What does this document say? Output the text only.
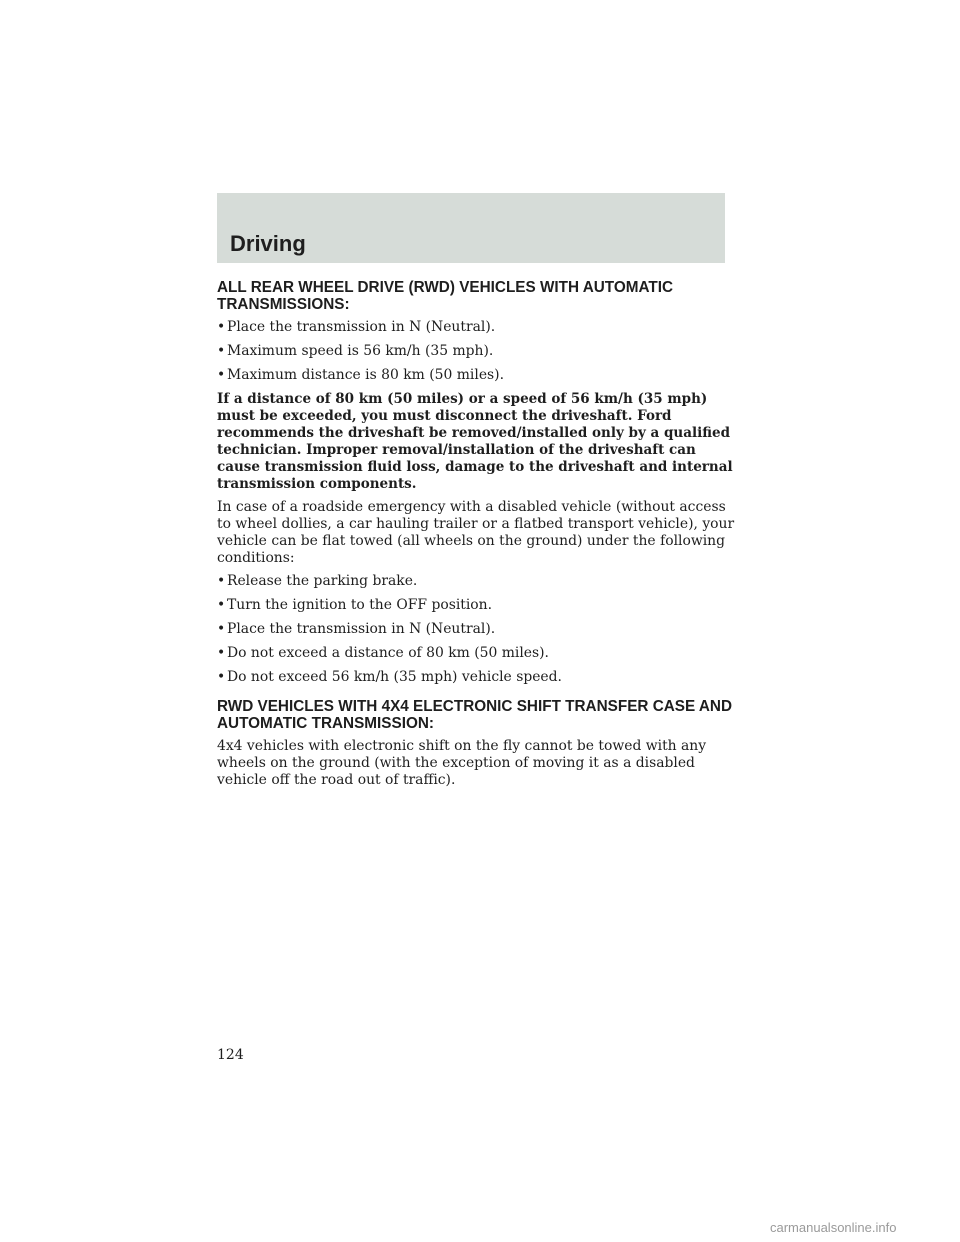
Driving
ALL REAR WHEEL DRIVE (RWD) VEHICLES WITH AUTOMATIC TRANSMISSIONS:
• Place the transmission in N (Neutral).
• Maximum speed is 56 km/h (35 mph).
• Maximum distance is 80 km (50 miles).

If a distance of 80 km (50 miles) or a speed of 56 km/h (35 mph) must be exceeded, you must disconnect the driveshaft. Ford recommends the driveshaft be removed/installed only by a qualified technician. Improper removal/installation of the driveshaft can cause transmission fluid loss, damage to the driveshaft and internal transmission components.

In case of a roadside emergency with a disabled vehicle (without access to wheel dollies, a car hauling trailer or a flatbed transport vehicle), your vehicle can be flat towed (all wheels on the ground) under the following conditions:

• Release the parking brake.
• Turn the ignition to the OFF position.
• Place the transmission in N (Neutral).
• Do not exceed a distance of 80 km (50 miles).
• Do not exceed 56 km/h (35 mph) vehicle speed.
RWD VEHICLES WITH 4X4 ELECTRONIC SHIFT TRANSFER CASE AND AUTOMATIC TRANSMISSION:

4x4 vehicles with electronic shift on the fly cannot be towed with any wheels on the ground (with the exception of moving it as a disabled vehicle off the road out of traffic).

124
carmanualsonline.info
